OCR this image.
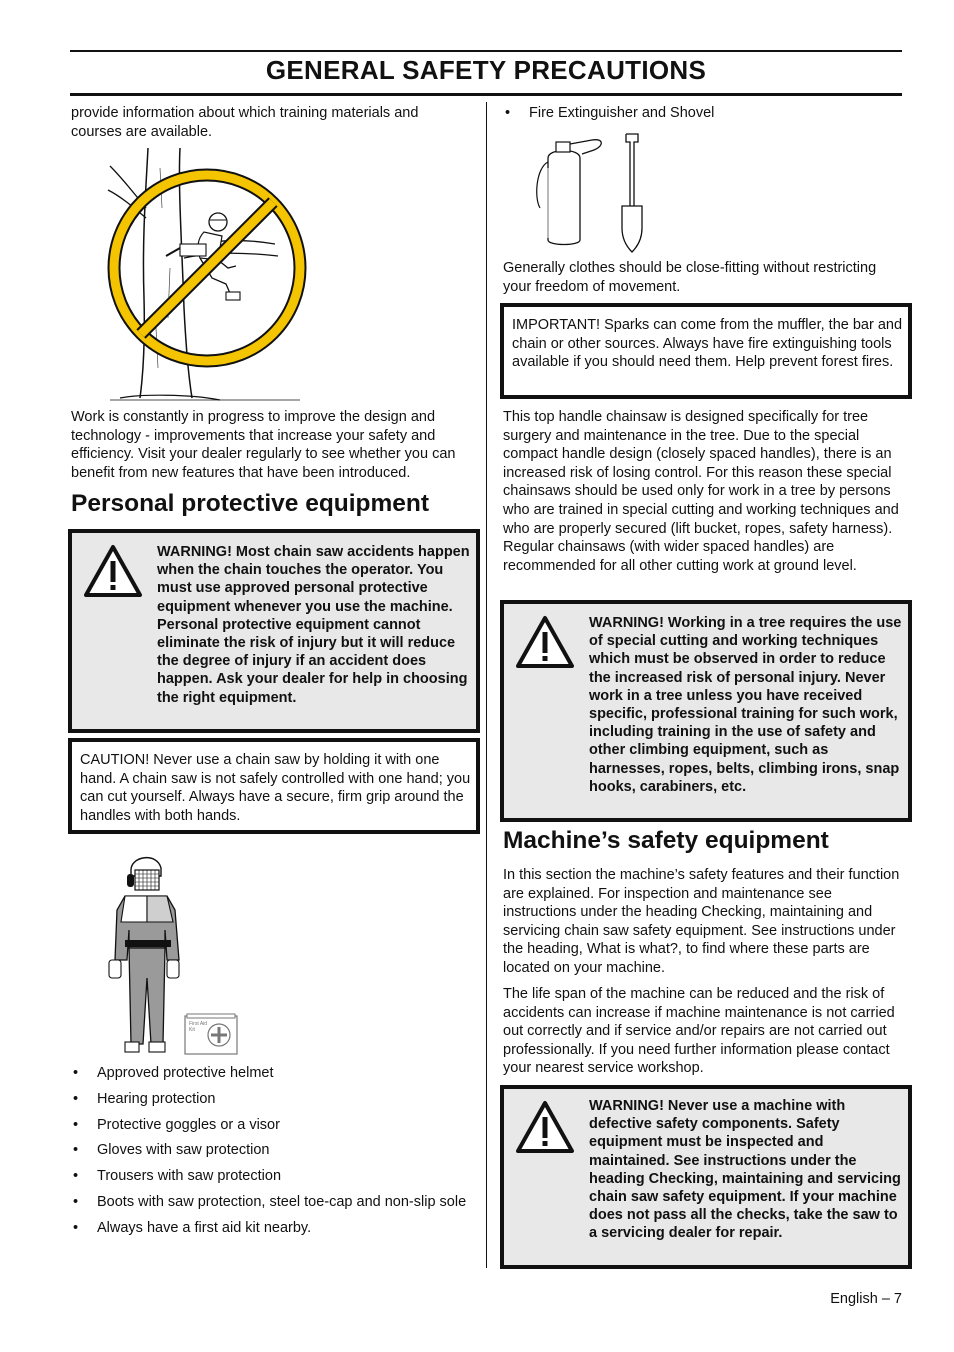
GENERAL SAFETY PRECAUTIONS

provide information about which training materials and courses are available.

Work is constantly in progress to improve the design and technology - improvements that increase your safety and efficiency. Visit your dealer regularly to see whether you can benefit from new features that have been introduced.

Personal protective equipment

WARNING! Most chain saw accidents happen when the chain touches the operator. You must use approved personal protective equipment whenever you use the machine. Personal protective equipment cannot eliminate the risk of injury but it will reduce the degree of injury if an accident does happen. Ask your dealer for help in choosing the right equipment.

CAUTION! Never use a chain saw by holding it with one hand. A chain saw is not safely controlled with one hand; you can cut yourself. Always have a secure, firm grip around the handles with both hands.

First Aid Kit
• Approved protective helmet
• Hearing protection
• Protective goggles or a visor
• Gloves with saw protection
• Trousers with saw protection
• Boots with saw protection, steel toe-cap and non-slip sole
• Always have a first aid kit nearby.
• Fire Extinguisher and Shovel

Generally clothes should be close-fitting without restricting your freedom of movement.

IMPORTANT! Sparks can come from the muffler, the bar and chain or other sources. Always have fire extinguishing tools available if you should need them. Help prevent forest fires.

This top handle chainsaw is designed specifically for tree surgery and maintenance in the tree. Due to the special compact handle design (closely spaced handles), there is an increased risk of losing control. For this reason these special chainsaws should be used only for work in a tree by persons who are trained in special cutting and working techniques and who are properly secured (lift bucket, ropes, safety harness). Regular chainsaws (with wider spaced handles) are recommended for all other cutting work at ground level.

WARNING! Working in a tree requires the use of special cutting and working techniques which must be observed in order to reduce the increased risk of personal injury. Never work in a tree unless you have received specific, professional training for such work, including training in the use of safety and other climbing equipment, such as harnesses, ropes, belts, climbing irons, snap hooks, carabiners, etc.

Machine’s safety equipment

In this section the machine’s safety features and their function are explained. For inspection and maintenance see instructions under the heading Checking, maintaining and servicing chain saw safety equipment. See instructions under the heading, What is what?, to find where these parts are located on your machine.

The life span of the machine can be reduced and the risk of accidents can increase if machine maintenance is not carried out correctly and if service and/or repairs are not carried out professionally. If you need further information please contact your nearest service workshop.

WARNING! Never use a machine with defective safety components. Safety equipment must be inspected and maintained. See instructions under the heading Checking, maintaining and servicing chain saw safety equipment. If your machine does not pass all the checks, take the saw to a servicing dealer for repair.

English – 7
